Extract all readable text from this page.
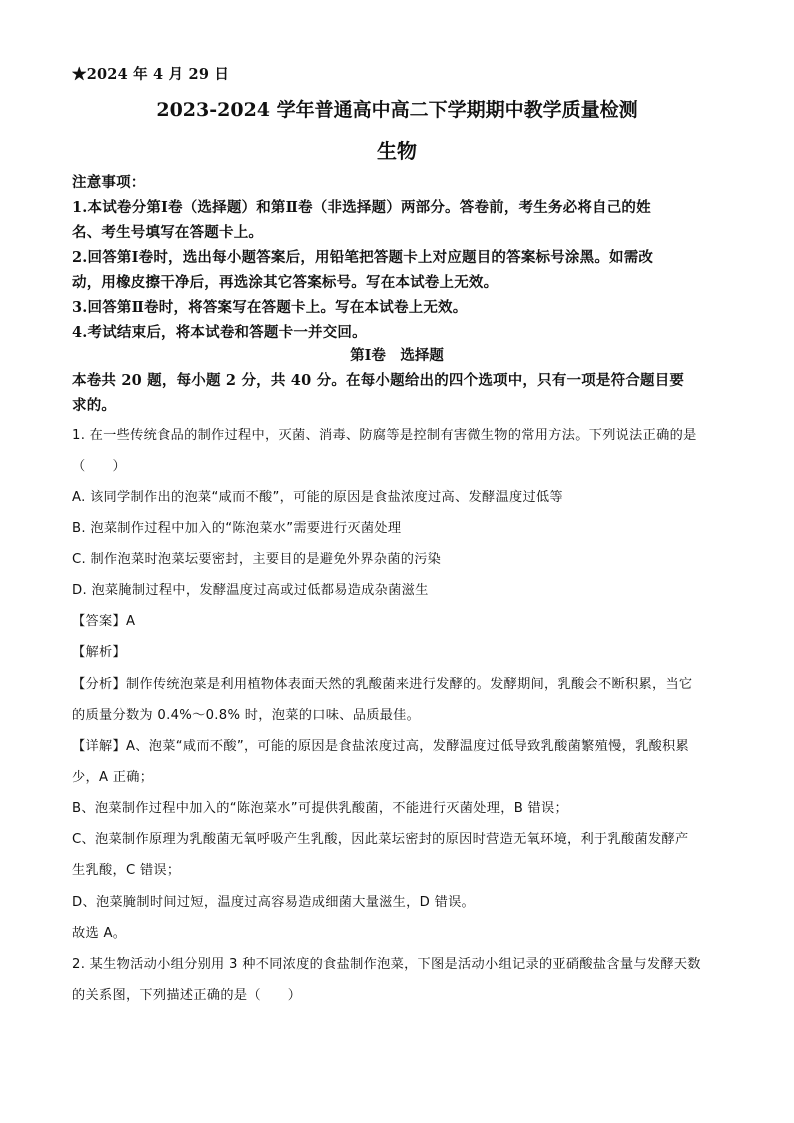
★2024 年 4 月 29 日
2023-2024 学年普通高中高二下学期期中教学质量检测
生物
注意事项：
1.本试卷分第Ⅰ卷（选择题）和第Ⅱ卷（非选择题）两部分。答卷前，考生务必将自己的姓
名、考生号填写在答题卡上。
2.回答第Ⅰ卷时，选出每小题答案后，用铅笔把答题卡上对应题目的答案标号涂黑。如需改
动，用橡皮擦干净后，再选涂其它答案标号。写在本试卷上无效。
3.回答第Ⅱ卷时，将答案写在答题卡上。写在本试卷上无效。
4.考试结束后，将本试卷和答题卡一并交回。
第Ⅰ卷　选择题
本卷共 20 题，每小题 2 分，共 40 分。在每小题给出的四个选项中，只有一项是符合题目要
求的。
1. 在一些传统食品的制作过程中，灭菌、消毒、防腐等是控制有害微生物的常用方法。下列说法正确的是
（　　）
A. 该同学制作出的泡菜“咸而不酸”，可能的原因是食盐浓度过高、发酵温度过低等
B. 泡菜制作过程中加入的“陈泡菜水”需要进行灭菌处理
C. 制作泡菜时泡菜坛要密封，主要目的是避免外界杂菌的污染
D. 泡菜腌制过程中，发酵温度过高或过低都易造成杂菌滋生
【答案】A
【解析】
【分析】制作传统泡菜是利用植物体表面天然的乳酸菌来进行发酵的。发酵期间，乳酸会不断积累，当它
的质量分数为 0.4%～0.8% 时，泡菜的口味、品质最佳。
【详解】A、泡菜“咸而不酸”，可能的原因是食盐浓度过高，发酵温度过低导致乳酸菌繁殖慢，乳酸积累
少，A 正确；
B、泡菜制作过程中加入的“陈泡菜水”可提供乳酸菌，不能进行灭菌处理，B 错误；
C、泡菜制作原理为乳酸菌无氧呼吸产生乳酸，因此菜坛密封的原因时营造无氧环境，利于乳酸菌发酵产
生乳酸，C 错误；
D、泡菜腌制时间过短，温度过高容易造成细菌大量滋生，D 错误。
故选 A。
2. 某生物活动小组分别用 3 种不同浓度的食盐制作泡菜，下图是活动小组记录的亚硝酸盐含量与发酵天数
的关系图，下列描述正确的是（　　）
